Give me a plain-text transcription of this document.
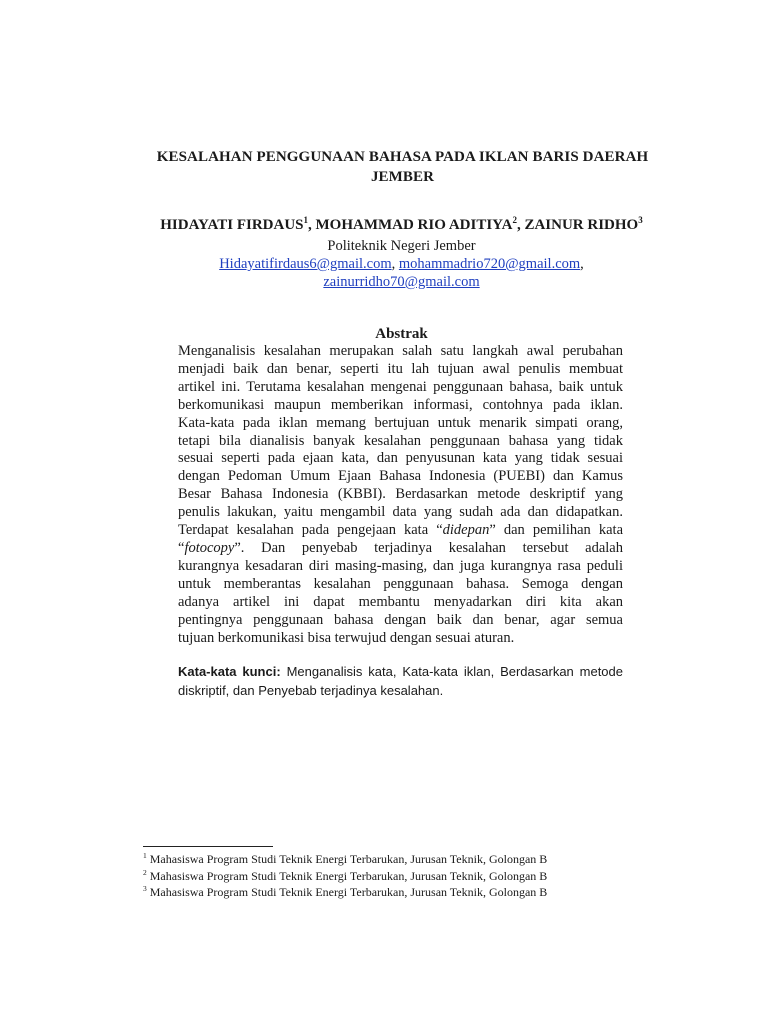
KESALAHAN PENGGUNAAN BAHASA PADA IKLAN BARIS DAERAH
JEMBER
HIDAYATI FIRDAUS$^1$, MOHAMMAD RIO ADITIYA$^2$, ZAINUR RIDHO$^3$
Politeknik Negeri Jember
Hidayatifirdaus6@gmail.com, mohammadrio720@gmail.com,
zainurridho70@gmail.com
Abstrak
Menganalisis kesalahan merupakan salah satu langkah awal perubahan
menjadi baik dan benar, seperti itu lah tujuan awal penulis membuat
artikel ini. Terutama kesalahan mengenai penggunaan bahasa, baik untuk
berkomunikasi maupun memberikan informasi, contohnya pada iklan.
Kata-kata pada iklan memang bertujuan untuk menarik simpati orang,
tetapi bila dianalisis banyak kesalahan penggunaan bahasa yang tidak
sesuai seperti pada ejaan kata, dan penyusunan kata yang tidak sesuai
dengan Pedoman Umum Ejaan Bahasa Indonesia (PUEBI) dan Kamus
Besar Bahasa Indonesia (KBBI). Berdasarkan metode deskriptif yang
penulis lakukan, yaitu mengambil data yang sudah ada dan didapatkan.
Terdapat kesalahan pada pengejaan kata “didepan” dan pemilihan kata
“fotocopy”. Dan penyebab terjadinya kesalahan tersebut adalah
kurangnya kesadaran diri masing-masing, dan juga kurangnya rasa peduli
untuk memberantas kesalahan penggunaan bahasa. Semoga dengan
adanya artikel ini dapat membantu menyadarkan diri kita akan
pentingnya penggunaan bahasa dengan baik dan benar, agar semua
tujuan berkomunikasi bisa terwujud dengan sesuai aturan.
Kata-kata kunci: Menganalisis kata, Kata-kata iklan, Berdasarkan metode
diskriptif, dan Penyebab terjadinya kesalahan.
$^1$ Mahasiswa Program Studi Teknik Energi Terbarukan, Jurusan Teknik, Golongan B
$^2$ Mahasiswa Program Studi Teknik Energi Terbarukan, Jurusan Teknik, Golongan B
$^3$ Mahasiswa Program Studi Teknik Energi Terbarukan, Jurusan Teknik, Golongan B
